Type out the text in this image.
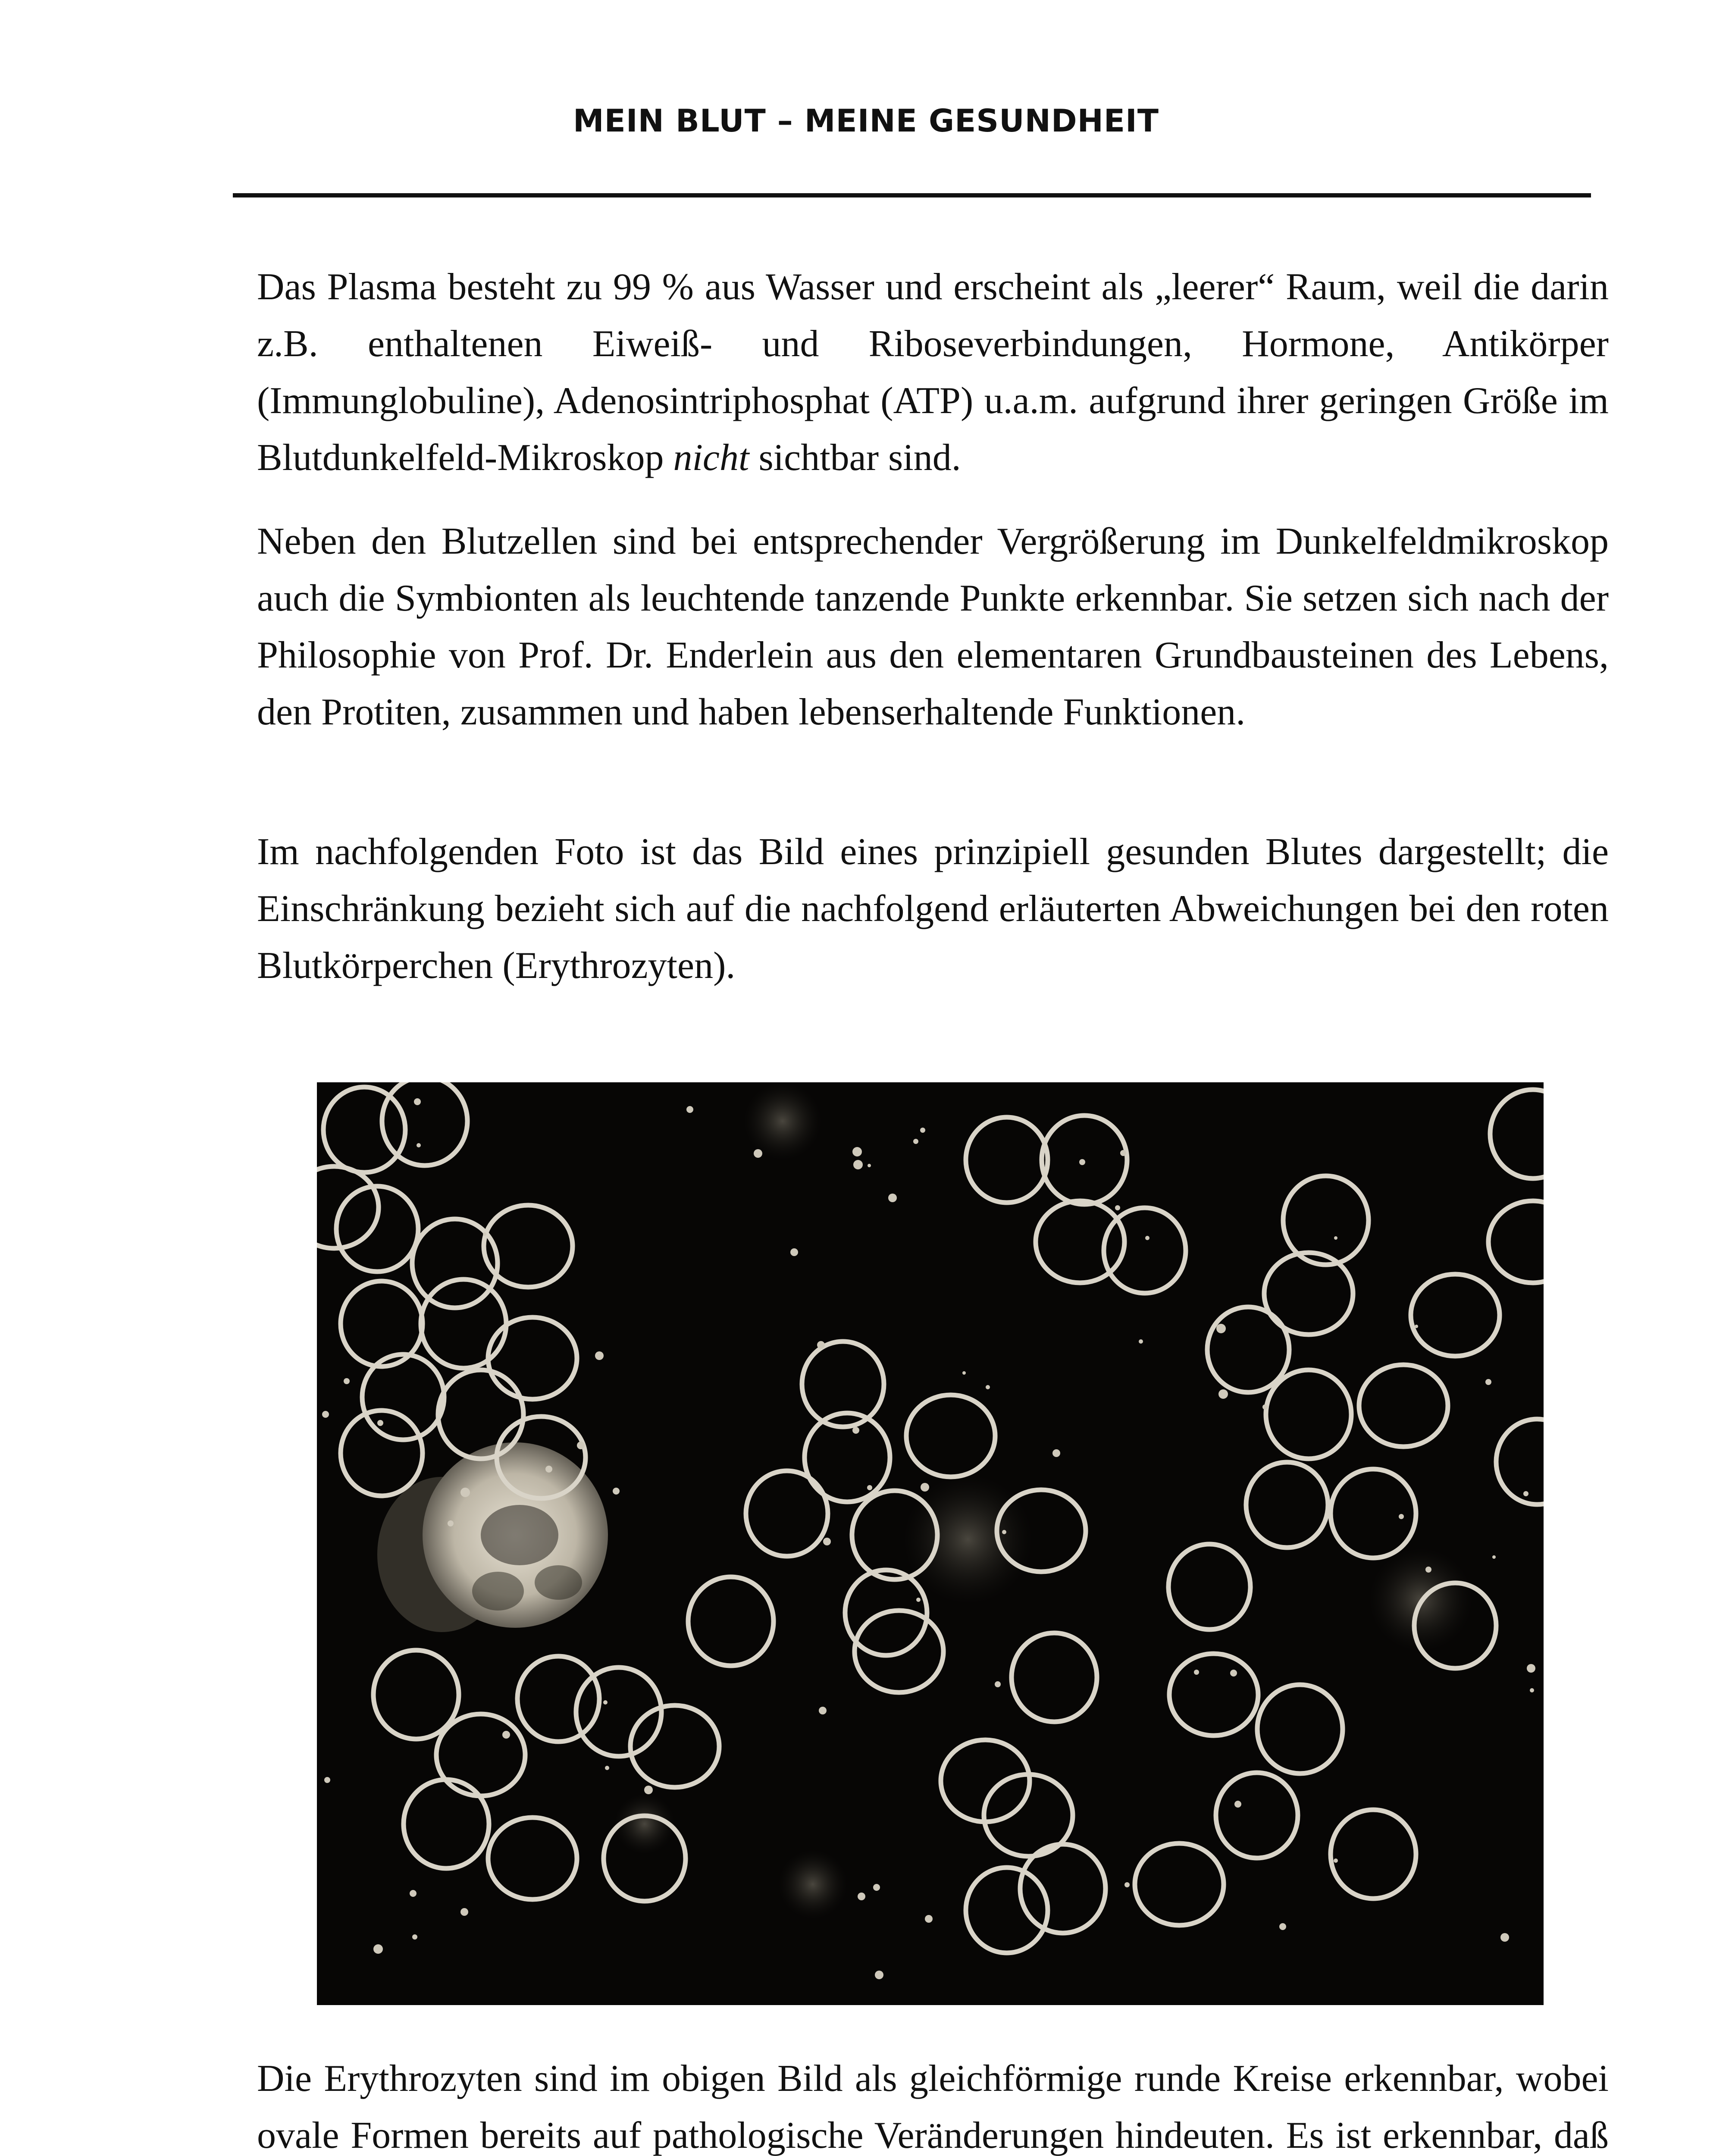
MEIN BLUT – MEINE GESUNDHEIT

Das Plasma besteht zu 99 % aus Wasser und erscheint als „leerer“ Raum, weil die darin z.B. enthaltenen Eiweiß- und Riboseverbindungen, Hormone, Antikörper (Immunglobuline), Adenosintriphosphat (ATP) u.a.m. aufgrund ihrer geringen Größe im Blutdunkelfeld-Mikroskop nicht sichtbar sind.

Neben den Blutzellen sind bei entsprechender Vergrößerung im Dunkelfeldmikroskop auch die Symbionten als leuchtende tanzende Punkte erkennbar. Sie setzen sich nach der Philosophie von Prof. Dr. Enderlein aus den elementaren Grundbausteinen des Lebens, den Protiten, zusammen und haben lebenserhaltende Funktionen.

Im nachfolgenden Foto ist das Bild eines prinzipiell gesunden Blutes dargestellt; die Einschränkung bezieht sich auf die nachfolgend erläuterten Abweichungen bei den roten Blutkörperchen (Erythrozyten).

Die Erythrozyten sind im obigen Bild als gleichförmige runde Kreise erkennbar, wobei ovale Formen bereits auf pathologische Veränderungen hindeuten. Es ist erkennbar, daß
